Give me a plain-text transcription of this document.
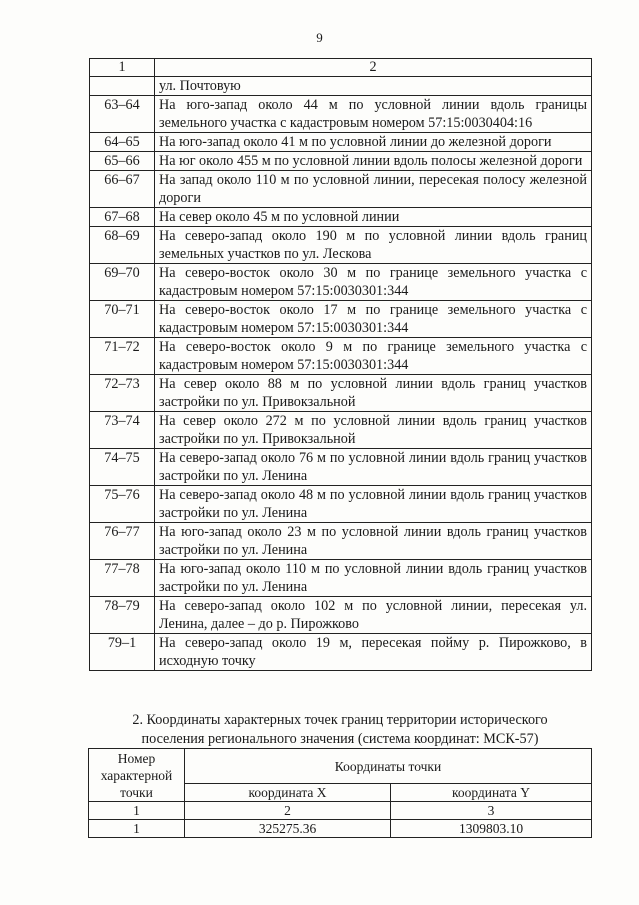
9
1	2
	ул. Почтовую
63–64	На юго-запад около 44 м по условной линии вдоль границы земельного участка с кадастровым номером 57:15:0030404:16
64–65	На юго-запад около 41 м по условной линии до железной дороги
65–66	На юг около 455 м по условной линии вдоль полосы железной дороги
66–67	На запад около 110 м по условной линии, пересекая полосу железной дороги
67–68	На север около 45 м по условной линии
68–69	На северо-запад около 190 м по условной линии вдоль границ земельных участков по ул. Лескова
69–70	На северо-восток около 30 м по границе земельного участка с кадастровым номером 57:15:0030301:344
70–71	На северо-восток около 17 м по границе земельного участка с кадастровым номером 57:15:0030301:344
71–72	На северо-восток около 9 м по границе земельного участка с кадастровым номером 57:15:0030301:344
72–73	На север около 88 м по условной линии вдоль границ участков застройки по ул. Привокзальной
73–74	На север около 272 м по условной линии вдоль границ участков застройки по ул. Привокзальной
74–75	На северо-запад около 76 м по условной линии вдоль границ участков застройки по ул. Ленина
75–76	На северо-запад около 48 м по условной линии вдоль границ участков застройки по ул. Ленина
76–77	На юго-запад около 23 м по условной линии вдоль границ участков застройки по ул. Ленина
77–78	На юго-запад около 110 м по условной линии вдоль границ участков застройки по ул. Ленина
78–79	На северо-запад около 102 м по условной линии, пересекая ул. Ленина, далее – до р. Пирожково
79–1	На северо-запад около 19 м, пересекая пойму р. Пирожково, в исходную точку
2. Координаты характерных точек границ территории исторического поселения регионального значения (система координат: МСК-57)
Номер характерной точки	Координаты точки	
	координата X	координата Y
1	2	3
1	325275.36	1309803.10
